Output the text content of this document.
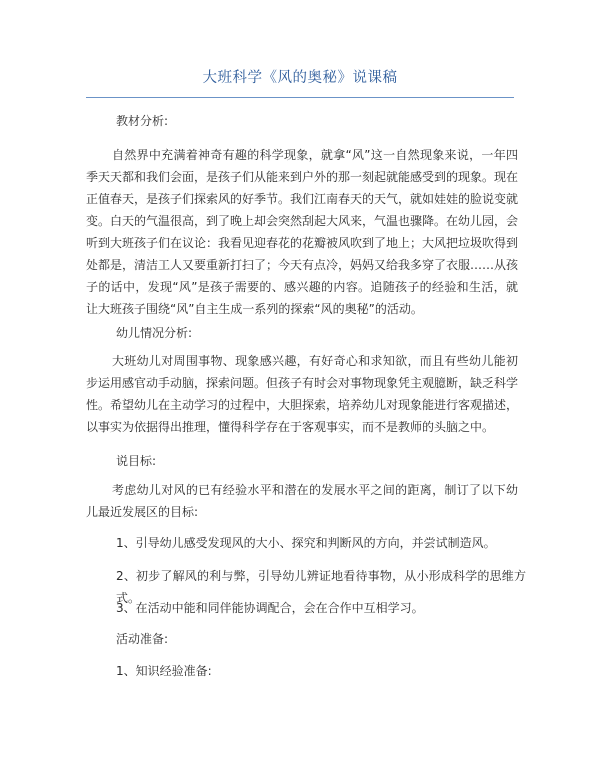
大班科学《风的奥秘》说课稿
教材分析:

自然界中充满着神奇有趣的科学现象，就拿“风”这一自然现象来说，一年四季天天都和我们会面，是孩子们从能来到户外的那一刻起就能感受到的现象。现在正值春天，是孩子们探索风的好季节。我们江南春天的天气，就如娃娃的脸说变就变。白天的气温很高，到了晚上却会突然刮起大风来，气温也骤降。在幼儿园，会听到大班孩子们在议论：我看见迎春花的花瓣被风吹到了地上；大风把垃圾吹得到处都是，清洁工人又要重新打扫了；今天有点冷，妈妈又给我多穿了衣服……从孩子的话中，发现“风”是孩子需要的、感兴趣的内容。追随孩子的经验和生活，就让大班孩子围绕“风”自主生成一系列的探索“风的奥秘”的活动。

幼儿情况分析:

大班幼儿对周围事物、现象感兴趣，有好奇心和求知欲，而且有些幼儿能初步运用感官动手动脑，探索问题。但孩子有时会对事物现象凭主观臆断，缺乏科学性。希望幼儿在主动学习的过程中，大胆探索，培养幼儿对现象能进行客观描述，以事实为依据得出推理，懂得科学存在于客观事实，而不是教师的头脑之中。

说目标:

考虑幼儿对风的已有经验水平和潜在的发展水平之间的距离，制订了以下幼儿最近发展区的目标:

1、引导幼儿感受发现风的大小、探究和判断风的方向，并尝试制造风。
2、初步了解风的利与弊，引导幼儿辨证地看待事物，从小形成科学的思维方式。
3、在活动中能和同伴能协调配合，会在合作中互相学习。
活动准备:
1、知识经验准备:
